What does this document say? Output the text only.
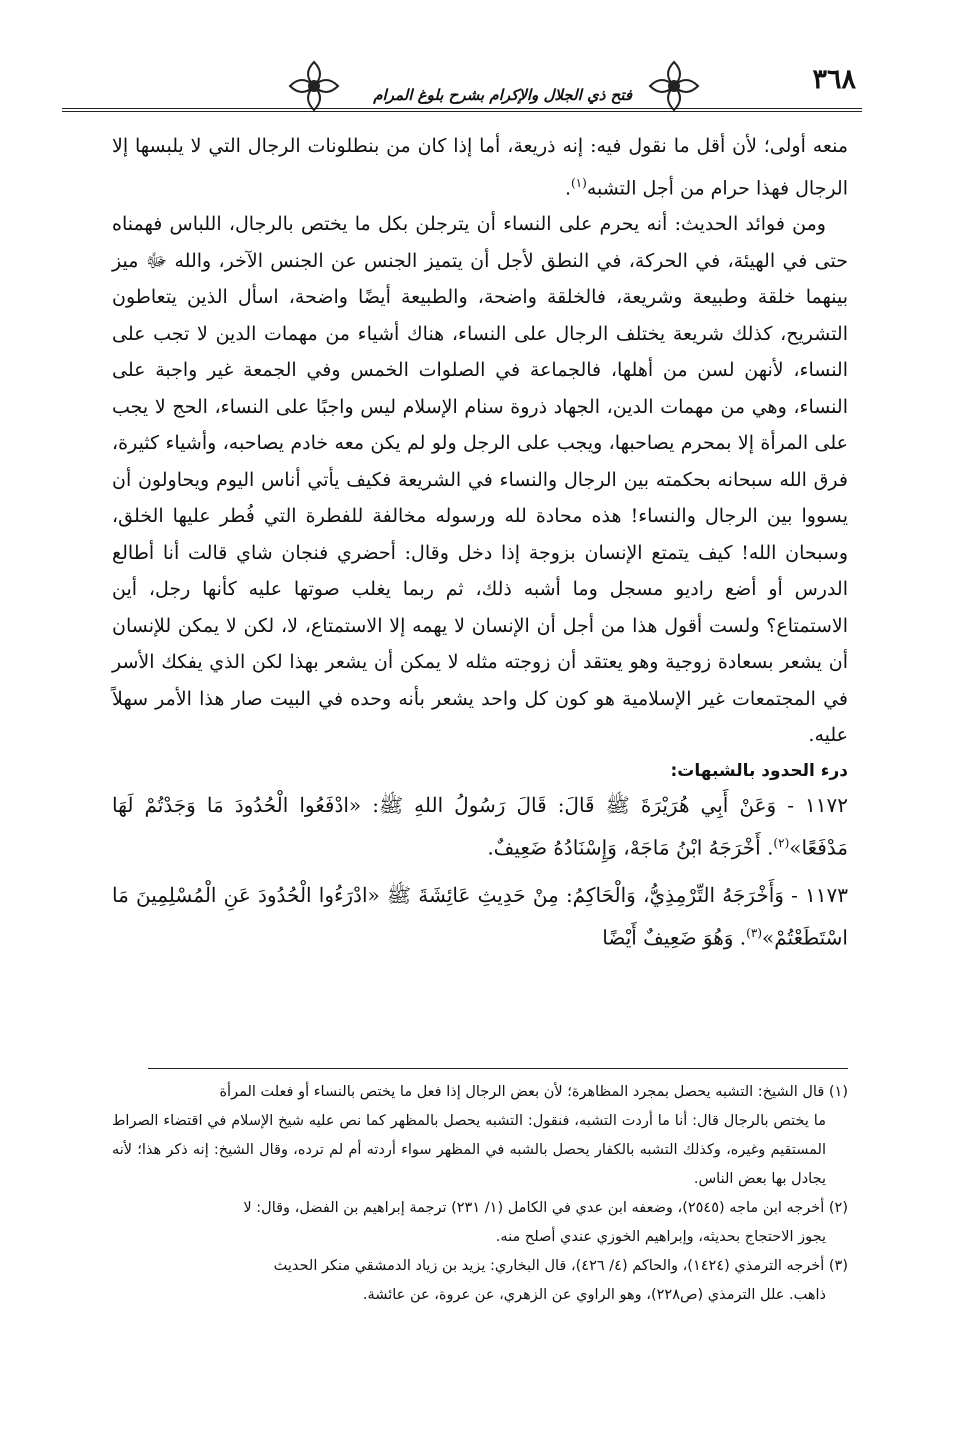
٣٦٨
فتح ذي الجلال والإكرام بشرح بلوغ المرام

منعه أولى؛ لأن أقل ما نقول فيه: إنه ذريعة، أما إذا كان من بنطلونات الرجال التي لا يلبسها إلا الرجال فهذا حرام من أجل التشبه$^{(١)}$.

ومن فوائد الحديث: أنه يحرم على النساء أن يترجلن بكل ما يختص بالرجال، اللباس فهمناه حتى في الهيئة، في الحركة، في النطق لأجل أن يتميز الجنس عن الجنس الآخر، والله ﷻ ميز بينهما خلقة وطبيعة وشريعة، فالخلقة واضحة، والطبيعة أيضًا واضحة، اسأل الذين يتعاطون التشريح، كذلك شريعة يختلف الرجال على النساء، هناك أشياء من مهمات الدين لا تجب على النساء، لأنهن لسن من أهلها، فالجماعة في الصلوات الخمس وفي الجمعة غير واجبة على النساء، وهي من مهمات الدين، الجهاد ذروة سنام الإسلام ليس واجبًا على النساء، الحج لا يجب على المرأة إلا بمحرم يصاحبها، ويجب على الرجل ولو لم يكن معه خادم يصاحبه، وأشياء كثيرة، فرق الله سبحانه بحكمته بين الرجال والنساء في الشريعة فكيف يأتي أناس اليوم ويحاولون أن يسووا بين الرجال والنساء! هذه محادة لله ورسوله مخالفة للفطرة التي فُطر عليها الخلق، وسبحان الله! كيف يتمتع الإنسان بزوجة إذا دخل وقال: أحضري فنجان شاي قالت أنا أطالع الدرس أو أضع راديو مسجل وما أشبه ذلك، ثم ربما يغلب صوتها عليه كأنها رجل، أين الاستمتاع؟ ولست أقول هذا من أجل أن الإنسان لا يهمه إلا الاستمتاع، لا، لكن لا يمكن للإنسان أن يشعر بسعادة زوجية وهو يعتقد أن زوجته مثله لا يمكن أن يشعر بهذا لكن الذي يفكك الأسر في المجتمعات غير الإسلامية هو كون كل واحد يشعر بأنه وحده في البيت صار هذا الأمر سهلاً عليه.

درء الحدود بالشبهات:

١١٧٢ - وَعَنْ أَبِي هُرَيْرَةَ ﷺ قَالَ: قَالَ رَسُولُ اللهِ ﷺ: «ادْفَعُوا الْحُدُودَ مَا وَجَدْتُمْ لَهَا مَدْفَعًا»$^{(٢)}$. أَخْرَجَهُ ابْنُ مَاجَهْ، وَإِسْنَادُهُ ضَعِيفٌ.

١١٧٣ - وَأَخْرَجَهُ التِّرْمِذِيُّ، وَالْحَاكِمُ: مِنْ حَدِيثِ عَائِشَةَ ﷺ «ادْرَءُوا الْحُدُودَ عَنِ الْمُسْلِمِينَ مَا اسْتَطَعْتُمْ»$^{(٣)}$. وَهُوَ ضَعِيفٌ أَيْضًا

(١) قال الشيخ: التشبه يحصل بمجرد المظاهرة؛ لأن بعض الرجال إذا فعل ما يختص بالنساء أو فعلت المرأة

ما يختص بالرجال قال: أنا ما أردت التشبه، فنقول: التشبه يحصل بالمظهر كما نص عليه شيخ الإسلام في اقتضاء الصراط المستقيم وغيره، وكذلك التشبه بالكفار يحصل بالشبه في المظهر سواء أردته أم لم ترده، وقال الشيخ: إنه ذكر هذا؛ لأنه يجادل بها بعض الناس.

(٢) أخرجه ابن ماجه (٢٥٤٥)، وضعفه ابن عدي في الكامل (١/ ٢٣١) ترجمة إبراهيم بن الفضل، وقال: لا

يجوز الاحتجاج بحديثه، وإبراهيم الخوزي عندي أصلح منه.

(٣) أخرجه الترمذي (١٤٢٤)، والحاكم (٤/ ٤٢٦)، قال البخاري: يزيد بن زياد الدمشقي منكر الحديث

ذاهب. علل الترمذي (ص٢٢٨)، وهو الراوي عن الزهري، عن عروة، عن عائشة.
